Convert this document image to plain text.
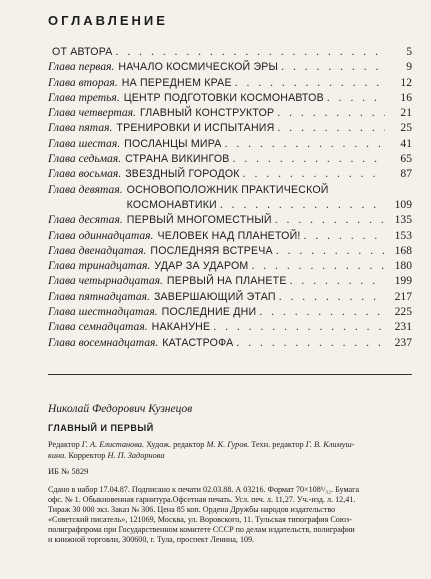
ОГЛАВЛЕНИЕ
ОТ АВТОРА . . .	5
Глава первая. НАЧАЛО КОСМИЧЕСКОЙ ЭРЫ . . .	9
Глава вторая. НА ПЕРЕДНЕМ КРАЕ . . .	12
Глава третья. ЦЕНТР ПОДГОТОВКИ КОСМОНАВТОВ . . .	16
Глава четвертая. ГЛАВНЫЙ КОНСТРУКТОР . . .	21
Глава пятая. ТРЕНИРОВКИ И ИСПЫТАНИЯ . . .	25
Глава шестая. ПОСЛАНЦЫ МИРА . . .	41
Глава седьмая. СТРАНА ВИКИНГОВ . . .	65
Глава восьмая. ЗВЕЗДНЫЙ ГОРОДОК . . .	87
Глава девятая. ОСНОВОПОЛОЖНИК ПРАКТИЧЕСКОЙ
КОСМОНАВТИКИ . . .	109
Глава десятая. ПЕРВЫЙ МНОГОМЕСТНЫЙ . . .	135
Глава одиннадцатая. ЧЕЛОВЕК НАД ПЛАНЕТОЙ! . . .	153
Глава двенадцатая. ПОСЛЕДНЯЯ ВСТРЕЧА . . .	168
Глава тринадцатая. УДАР ЗА УДАРОМ . . .	180
Глава четырнадцатая. ПЕРВЫЙ НА ПЛАНЕТЕ . . .	199
Глава пятнадцатая. ЗАВЕРШАЮЩИЙ ЭТАП . . .	217
Глава шестнадцатая. ПОСЛЕДНИЕ ДНИ . . .	225
Глава семнадцатая. НАКАНУНЕ . . .	231
Глава восемнадцатая. КАТАСТРОФА . . .	237
Николай Федорович Кузнецов
ГЛАВНЫЙ И ПЕРВЫЙ
Редактор Г. А. Елистанова. Худож. редактор М. К. Гуров. Техн. редактор Г. В. Климуш-
кина. Корректор Н. П. Задорнова
ИБ № 5829
Сдано в набор 17.04.87. Подписано к печати 02.03.88. А 03216. Формат 70×108¹/₃₂. Бумага
офс. № 1. Обыкновенная гарнитура.Офсетная печать. Усл. печ. л. 11,27. Уч.-изд. л. 12,41.
Тираж 30 000 экз. Заказ № 306. Цена 85 коп. Ордена Дружбы народов издательство
«Советский писатель», 121069, Москва, ул. Воровского, 11. Тульская типография Союз-
полиграфпрома при Государственном комитете СССР по делам издательств, полиграфии
и книжной торговли, 300600, г. Тула, проспект Ленина, 109.
